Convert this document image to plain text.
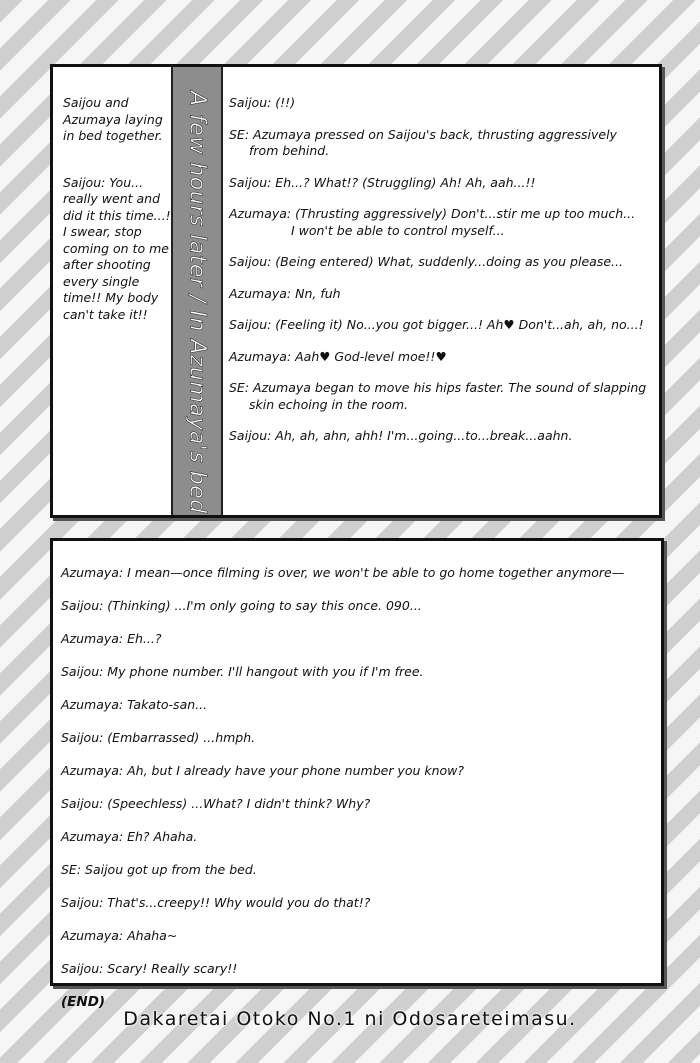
Saijou and Azumaya laying in bed together.

Saijou: You... really went and did it this time...! I swear, stop coming on to me after shooting every single time!! My body can't take it!!	A few hours later / In Azumaya's bed Saijou: (!!)
SE: Azumaya pressed on Saijou's back, thrusting aggressively
from behind.
Saijou: Eh...? What!? (Struggling) Ah! Ah, aah...!!
Azumaya: (Thrusting aggressively) Don't...stir me up too much...
I won't be able to control myself...
Saijou: (Being entered) What, suddenly...doing as you please...
Azumaya: Nn, fuh
Saijou: (Feeling it) No...you got bigger...! Ah♥ Don't...ah, ah, no...!
Azumaya: Aah♥ God-level moe!!♥
SE: Azumaya began to move his hips faster. The sound of slapping
skin echoing in the room.
Saijou: Ah, ah, ahn, ahh! I'm...going...to...break...aahn.
Azumaya: I mean—once filming is over, we won't be able to go home together anymore—
Saijou: (Thinking) ...I'm only going to say this once. 090...
Azumaya: Eh...?
Saijou: My phone number. I'll hangout with you if I'm free.
Azumaya: Takato-san...
Saijou: (Embarrassed) ...hmph.
Azumaya: Ah, but I already have your phone number you know?
Saijou: (Speechless) ...What? I didn't think? Why?
Azumaya: Eh? Ahaha.
SE: Saijou got up from the bed.
Saijou: That's...creepy!! Why would you do that!?
Azumaya: Ahaha~
Saijou: Scary! Really scary!!
(END)
Dakaretai Otoko No.1 ni Odosareteimasu.
